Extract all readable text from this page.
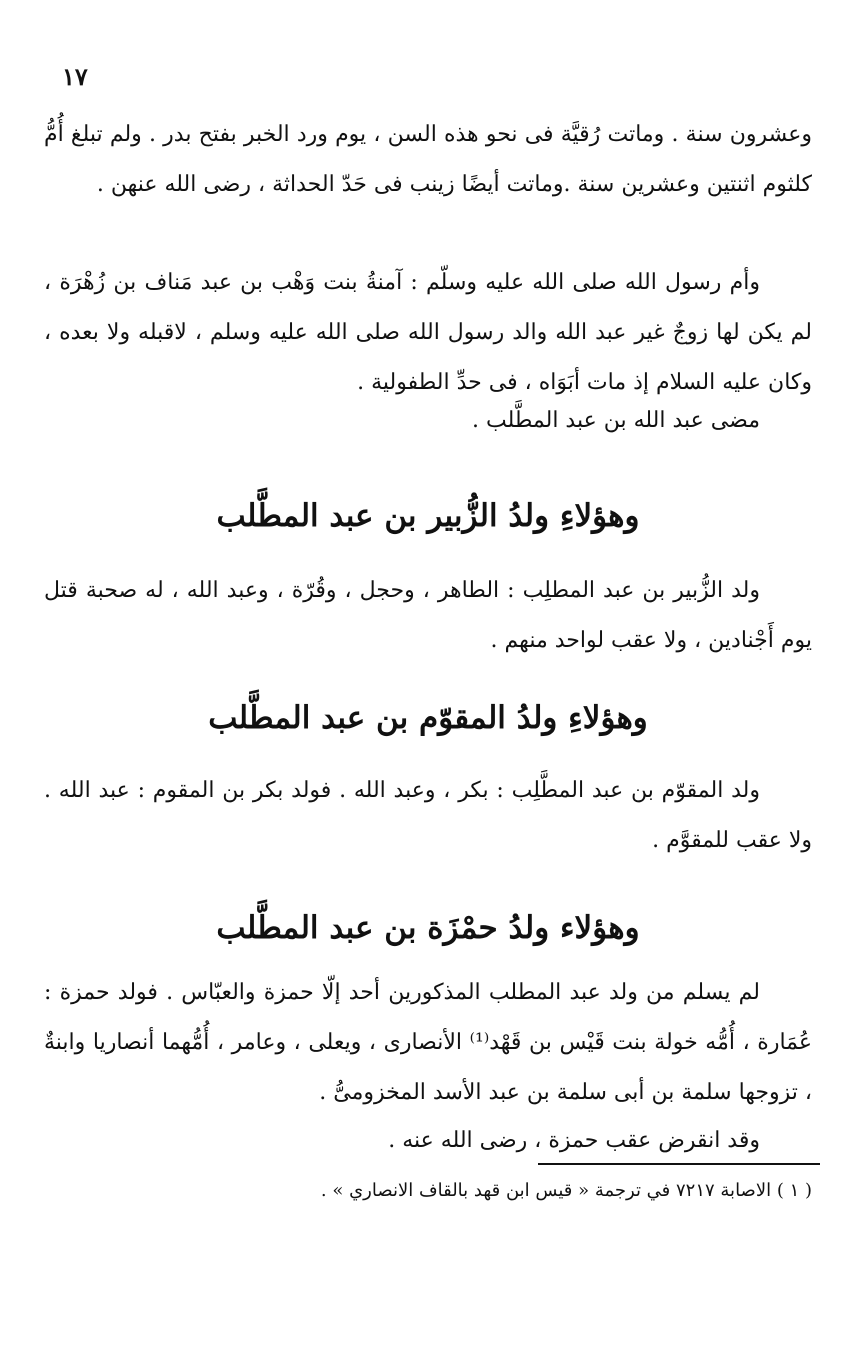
١٧
وعشرون سنة . وماتت رُقيَّة فى نحو هذه السن ، يوم ورد الخبر بفتح بدر . ولم تبلغ أُمُّ كلثوم اثنتين وعشرين سنة .وماتت أيضًا زينب فى حَدّ الحداثة ، رضى الله عنهن .
وأم رسول الله صلى الله عليه وسلّم : آمنةُ بنت وَهْب بن عبد مَناف بن زُهْرَة ، لم يكن لها زوجٌ غير عبد الله والد رسول الله صلى الله عليه وسلم ، لاقبله ولا بعده ، وكان عليه السلام إذ مات أبَوَاه ، فى حدِّ الطفولية .
مضى عبد الله بن عبد المطَّلب .
وهؤلاءِ ولدُ الزُّبير بن عبد المطَّلب
ولد الزُّبير بن عبد المطلِب : الطاهر ، وحجل ، وقُرّة ، وعبد الله ، له صحبة قتل يوم أَجْنادين ، ولا عقب لواحد منهم .
وهؤلاءِ ولدُ المقوّم بن عبد المطَّلب
ولد المقوّم بن عبد المطَّلِب : بكر ، وعبد الله . فولد بكر بن المقوم : عبد الله . ولا عقب للمقوَّم .
وهؤلاء ولدُ حمْزَة بن عبد المطَّلب
لم يسلم من ولد عبد المطلب المذكورين أحد إلّا حمزة والعبّاس . فولد حمزة : عُمَارة ، أُمُّه خولة بنت قَيْس بن قَهْد⁽¹⁾ الأنصارى ، ويعلى ، وعامر ، أُمُّهما أنصاريا وابنةٌ ، تزوجها سلمة بن أبى سلمة بن عبد الأسد المخزومىُّ .
وقد انقرض عقب حمزة ، رضى الله عنه .
( ١ ) الاصابة ٧٢١٧ في ترجمة « قيس ابن قهد بالقاف الانصاري » .
